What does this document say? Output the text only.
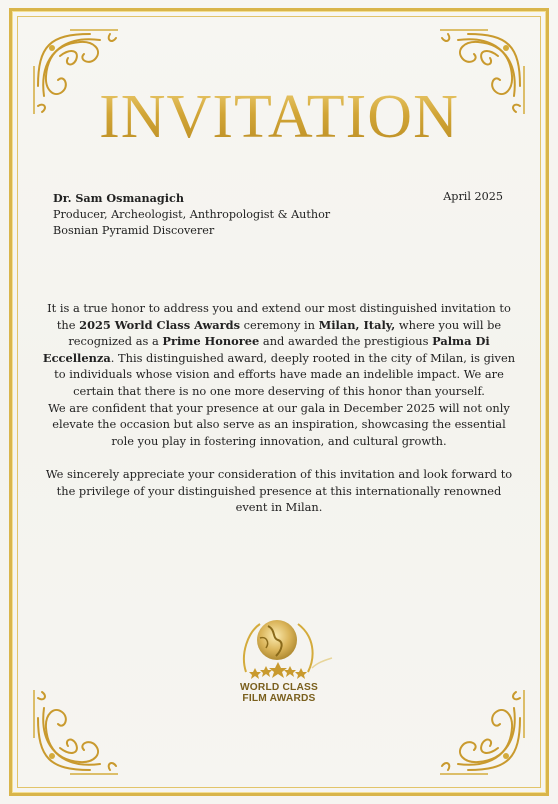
INVITATION
Dr. Sam Osmanagich
Producer, Archeologist, Anthropologist & Author
Bosnian Pyramid Discoverer
April 2025

It is a true honor to address you and extend our most distinguished invitation to the 2025 World Class Awards ceremony in Milan, Italy, where you will be recognized as a Prime Honoree and awarded the prestigious Palma Di Eccellenza. This distinguished award, deeply rooted in the city of Milan, is given to individuals whose vision and efforts have made an indelible impact. We are certain that there is no one more deserving of this honor than yourself.

We are confident that your presence at our gala in December 2025 will not only elevate the occasion but also serve as an inspiration, showcasing the essential role you play in fostering innovation, and cultural growth.

We sincerely appreciate your consideration of this invitation and look forward to the privilege of your distinguished presence at this internationally renowned event in Milan.

WORLD CLASS
FILM AWARDS
